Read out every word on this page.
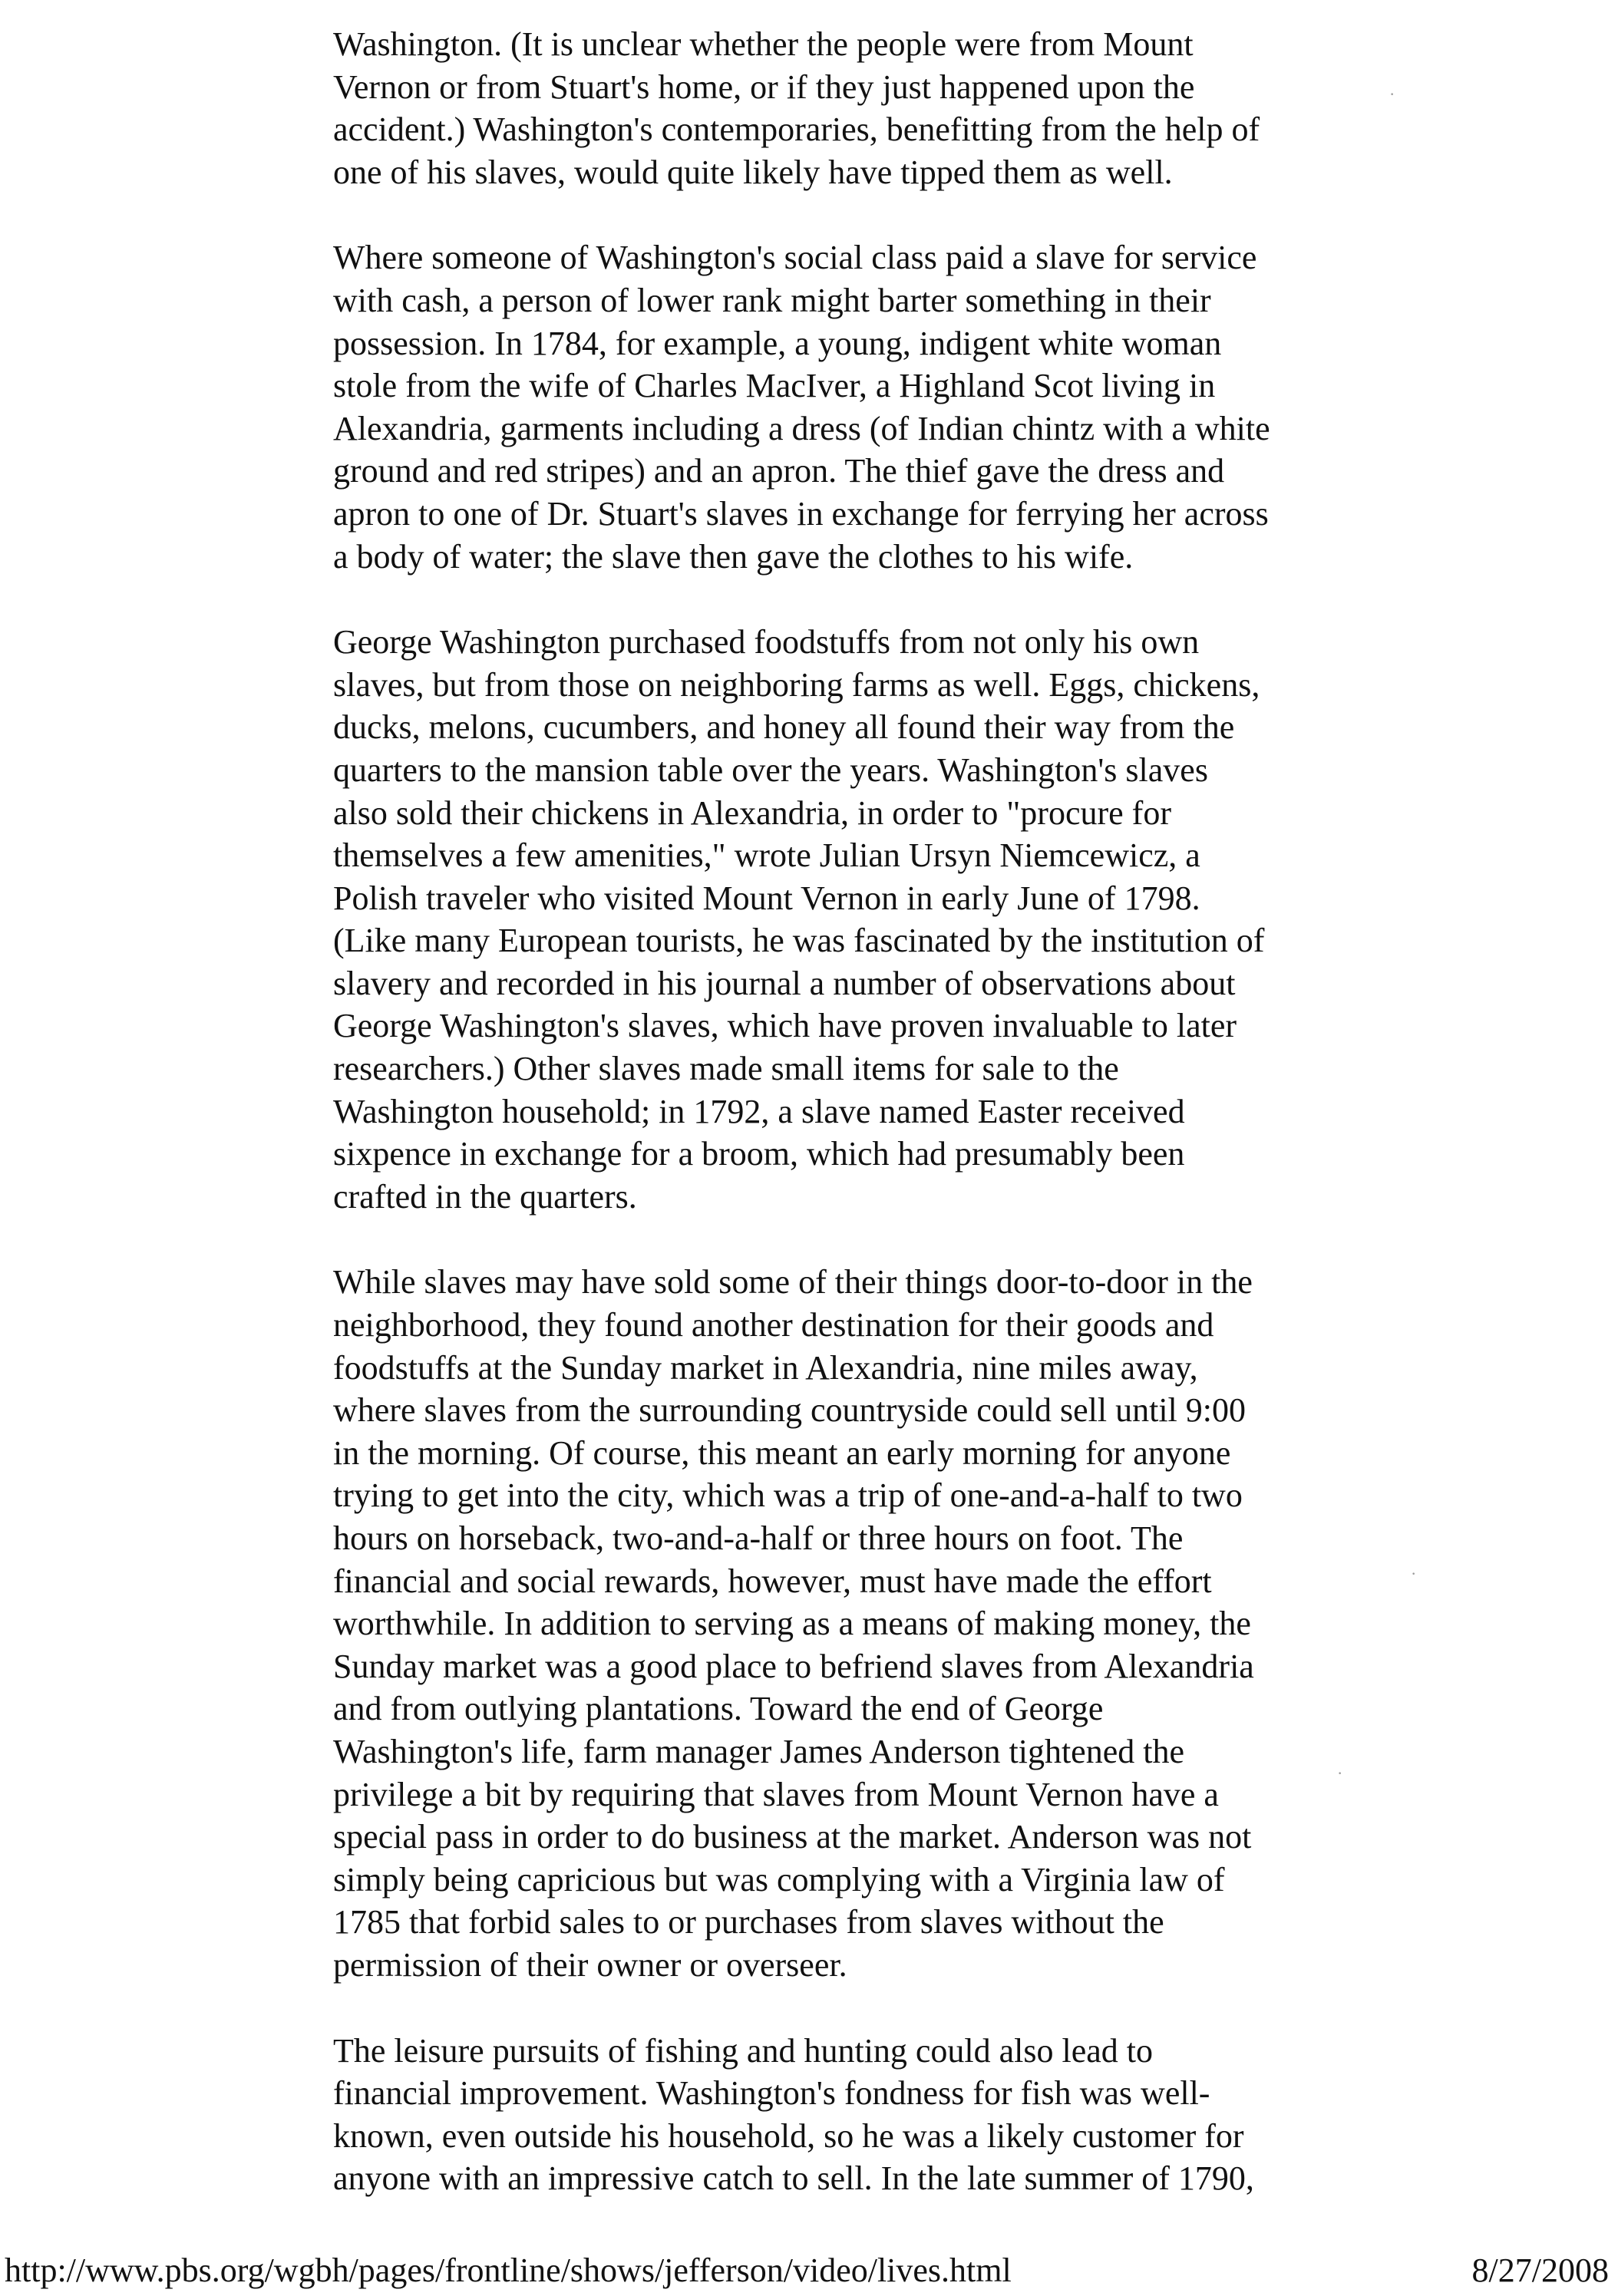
Washington. (It is unclear whether the people were from Mount
Vernon or from Stuart's home, or if they just happened upon the
accident.) Washington's contemporaries, benefitting from the help of
one of his slaves, would quite likely have tipped them as well.

Where someone of Washington's social class paid a slave for service
with cash, a person of lower rank might barter something in their
possession. In 1784, for example, a young, indigent white woman
stole from the wife of Charles MacIver, a Highland Scot living in
Alexandria, garments including a dress (of Indian chintz with a white
ground and red stripes) and an apron. The thief gave the dress and
apron to one of Dr. Stuart's slaves in exchange for ferrying her across
a body of water; the slave then gave the clothes to his wife.

George Washington purchased foodstuffs from not only his own
slaves, but from those on neighboring farms as well. Eggs, chickens,
ducks, melons, cucumbers, and honey all found their way from the
quarters to the mansion table over the years. Washington's slaves
also sold their chickens in Alexandria, in order to "procure for
themselves a few amenities," wrote Julian Ursyn Niemcewicz, a
Polish traveler who visited Mount Vernon in early June of 1798.
(Like many European tourists, he was fascinated by the institution of
slavery and recorded in his journal a number of observations about
George Washington's slaves, which have proven invaluable to later
researchers.) Other slaves made small items for sale to the
Washington household; in 1792, a slave named Easter received
sixpence in exchange for a broom, which had presumably been
crafted in the quarters.

While slaves may have sold some of their things door-to-door in the
neighborhood, they found another destination for their goods and
foodstuffs at the Sunday market in Alexandria, nine miles away,
where slaves from the surrounding countryside could sell until 9:00
in the morning. Of course, this meant an early morning for anyone
trying to get into the city, which was a trip of one-and-a-half to two
hours on horseback, two-and-a-half or three hours on foot. The
financial and social rewards, however, must have made the effort
worthwhile. In addition to serving as a means of making money, the
Sunday market was a good place to befriend slaves from Alexandria
and from outlying plantations. Toward the end of George
Washington's life, farm manager James Anderson tightened the
privilege a bit by requiring that slaves from Mount Vernon have a
special pass in order to do business at the market. Anderson was not
simply being capricious but was complying with a Virginia law of
1785 that forbid sales to or purchases from slaves without the
permission of their owner or overseer.

The leisure pursuits of fishing and hunting could also lead to
financial improvement. Washington's fondness for fish was well-
known, even outside his household, so he was a likely customer for
anyone with an impressive catch to sell. In the late summer of 1790,

·
·
·
http://www.pbs.org/wgbh/pages/frontline/shows/jefferson/video/lives.html	8/27/2008
